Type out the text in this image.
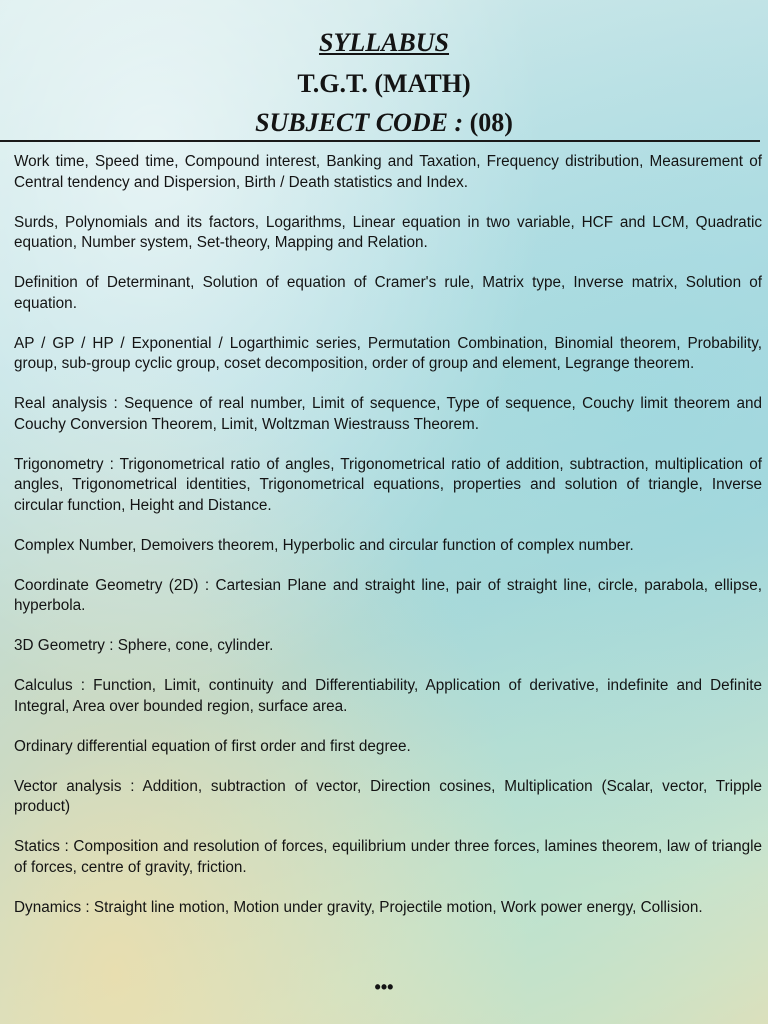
SYLLABUS
T.G.T. (MATH)
SUBJECT CODE : (08)

Work time, Speed time, Compound interest, Banking and Taxation, Frequency distribution, Measurement of Central tendency and Dispersion, Birth / Death statistics and Index.

Surds, Polynomials and its factors, Logarithms, Linear equation in two variable, HCF and LCM, Quadratic equation, Number system, Set-theory, Mapping and Relation.

Definition of Determinant, Solution of equation of Cramer's rule, Matrix type, Inverse matrix, Solution of equation.

AP / GP / HP / Exponential / Logarthimic series, Permutation Combination, Binomial theorem, Probability, group, sub-group cyclic group, coset decomposition, order of group and element, Legrange theorem.

Real analysis : Sequence of real number, Limit of sequence, Type of sequence, Couchy limit theorem and Couchy Conversion Theorem, Limit, Woltzman Wiestrauss Theorem.

Trigonometry : Trigonometrical ratio of angles, Trigonometrical ratio of addition, subtraction, multiplication of angles, Trigonometrical identities, Trigonometrical equations, properties and solution of triangle, Inverse circular function, Height and Distance.

Complex Number, Demoivers theorem, Hyperbolic and circular function of complex number.

Coordinate Geometry (2D) : Cartesian Plane and straight line, pair of straight line, circle, parabola, ellipse, hyperbola.

3D Geometry : Sphere, cone, cylinder.

Calculus : Function, Limit, continuity and Differentiability, Application of derivative, indefinite and Definite Integral, Area over bounded region, surface area.

Ordinary differential equation of first order and first degree.

Vector analysis : Addition, subtraction of vector, Direction cosines, Multiplication (Scalar, vector, Tripple product)

Statics : Composition and resolution of forces, equilibrium under three forces, lamines theorem, law of triangle of forces, centre of gravity, friction.

Dynamics : Straight line motion, Motion under gravity, Projectile motion, Work power energy, Collision.

•••
